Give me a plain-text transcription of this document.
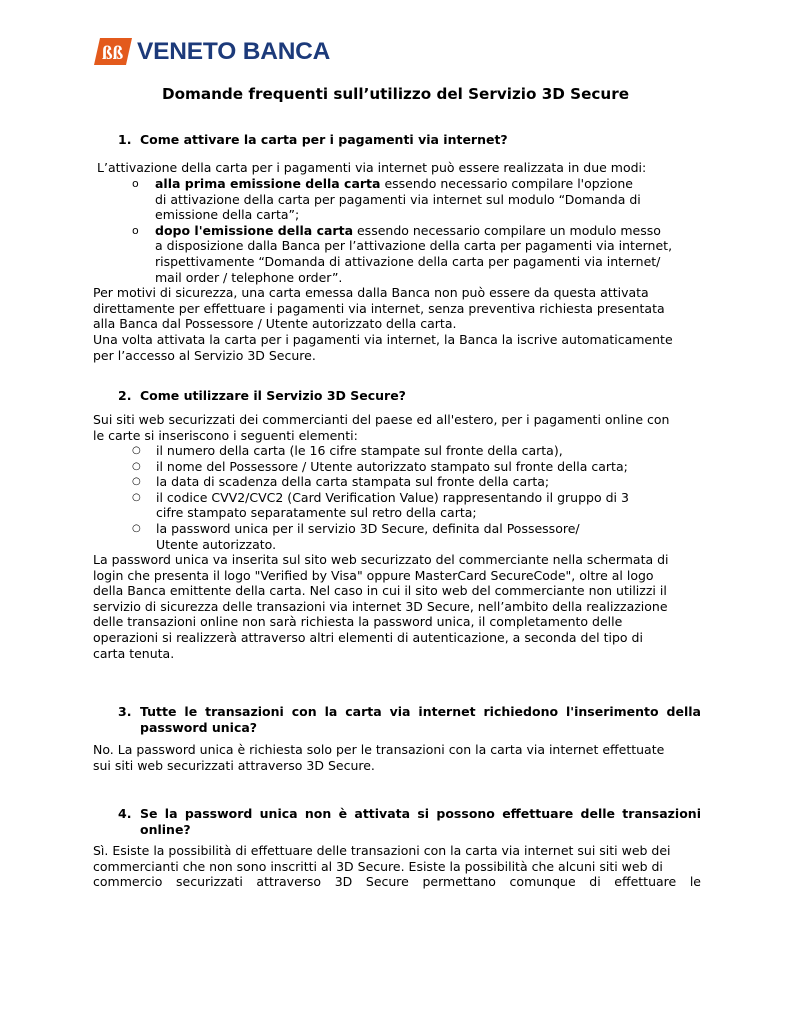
ßß VENETO BANCA
Domande frequenti sull’utilizzo del Servizio 3D Secure
1. Come attivare la carta per i pagamenti via internet?

L’attivazione della carta per i pagamenti via internet può essere realizzata in due modi:

o alla prima emissione della carta essendo necessario compilare l'opzione
di attivazione della carta per pagamenti via internet sul modulo “Domanda di
emissione della carta”;
o dopo l'emissione della carta essendo necessario compilare un modulo messo
a disposizione dalla Banca per l’attivazione della carta per pagamenti via internet,
rispettivamente “Domanda di attivazione della carta per pagamenti via internet/
mail order / telephone order”.

Per motivi di sicurezza, una carta emessa dalla Banca non può essere da questa attivata
direttamente per effettuare i pagamenti via internet, senza preventiva richiesta presentata
alla Banca dal Possessore / Utente autorizzato della carta.

Una volta attivata la carta per i pagamenti via internet, la Banca la iscrive automaticamente
per l’accesso al Servizio 3D Secure.

2. Come utilizzare il Servizio 3D Secure?

Sui siti web securizzati dei commercianti del paese ed all'estero, per i pagamenti online con
le carte si inseriscono i seguenti elementi:

○ il numero della carta (le 16 cifre stampate sul fronte della carta),
○ il nome del Possessore / Utente autorizzato stampato sul fronte della carta;
○ la data di scadenza della carta stampata sul fronte della carta;
○ il codice CVV2/CVC2 (Card Verification Value) rappresentando il gruppo di 3
cifre stampato separatamente sul retro della carta;
○ la password unica per il servizio 3D Secure, definita dal Possessore/
Utente autorizzato.

La password unica va inserita sul sito web securizzato del commerciante nella schermata di
login che presenta il logo "Verified by Visa" oppure MasterCard SecureCode", oltre al logo
della Banca emittente della carta. Nel caso in cui il sito web del commerciante non utilizzi il
servizio di sicurezza delle transazioni via internet 3D Secure, nell’ambito della realizzazione
delle transazioni online non sarà richiesta la password unica, il completamento delle
operazioni si realizzerà attraverso altri elementi di autenticazione, a seconda del tipo di
carta tenuta.

3. Tutte le transazioni con la carta via internet richiedono l'inserimento della
password unica?

No. La password unica è richiesta solo per le transazioni con la carta via internet effettuate
sui siti web securizzati attraverso 3D Secure.

4. Se la password unica non è attivata si possono effettuare delle transazioni
online?

Sì. Esiste la possibilità di effettuare delle transazioni con la carta via internet sui siti web dei
commercianti che non sono inscritti al 3D Secure. Esiste la possibilità che alcuni siti web di
commercio securizzati attraverso 3D Secure permettano comunque di effettuare le
